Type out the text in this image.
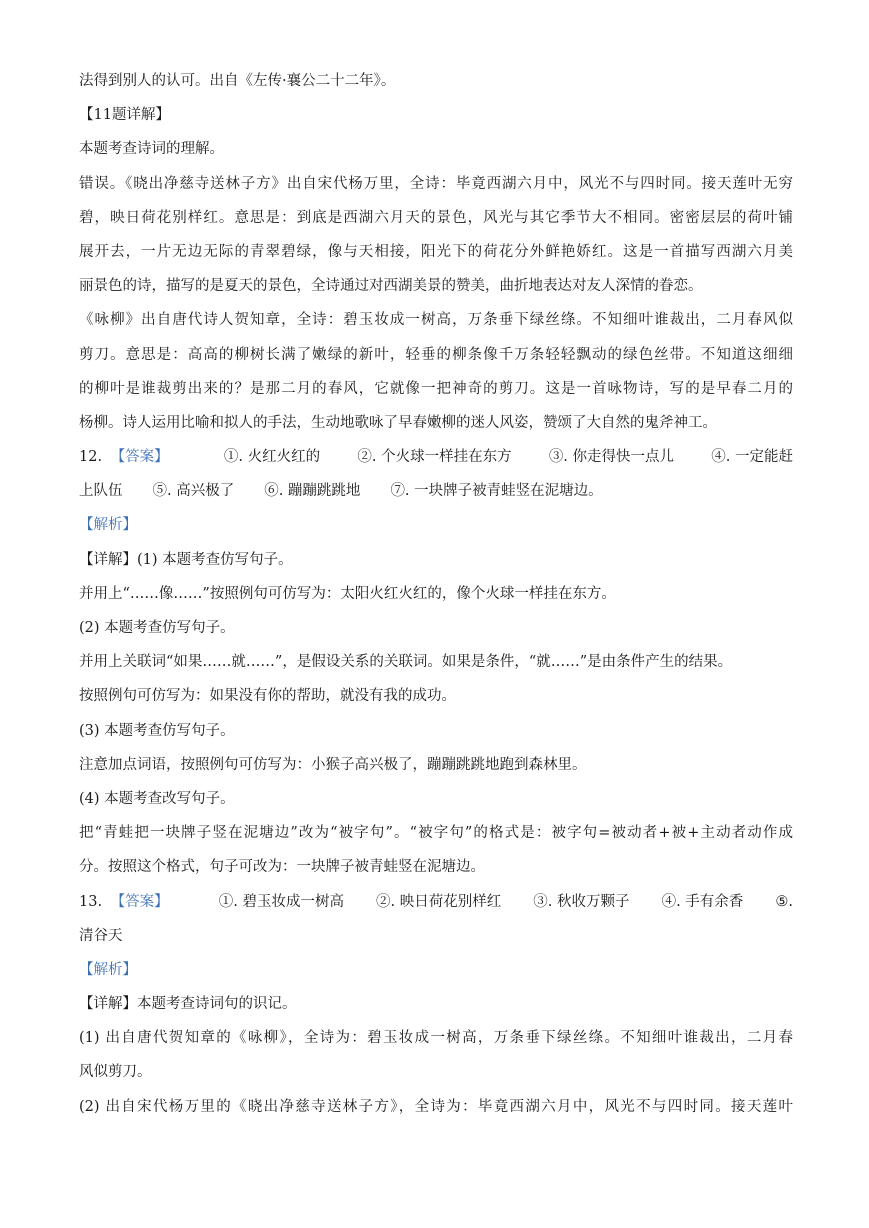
法得到别人的认可。出自《左传·襄公二十二年》。
【11题详解】
本题考查诗词的理解。
错误。《晓出净慈寺送林子方》出自宋代杨万里，全诗：毕竟西湖六月中，风光不与四时同。接天莲叶无穷
碧，映日荷花别样红。意思是：到底是西湖六月天的景色，风光与其它季节大不相同。密密层层的荷叶铺
展开去，一片无边无际的青翠碧绿，像与天相接，阳光下的荷花分外鲜艳娇红。这是一首描写西湖六月美
丽景色的诗，描写的是夏天的景色，全诗通过对西湖美景的赞美，曲折地表达对友人深情的眷恋。
《咏柳》出自唐代诗人贺知章，全诗：碧玉妆成一树高，万条垂下绿丝绦。不知细叶谁裁出，二月春风似
剪刀。意思是：高高的柳树长满了嫩绿的新叶，轻垂的柳条像千万条轻轻飘动的绿色丝带。不知道这细细
的柳叶是谁裁剪出来的？是那二月的春风，它就像一把神奇的剪刀。这是一首咏物诗，写的是早春二月的
杨柳。诗人运用比喻和拟人的手法，生动地歌咏了早春嫩柳的迷人风姿，赞颂了大自然的鬼斧神工。
12. 【答案】	①. 火红火红的	②. 个火球一样挂在东方	③. 你走得快一点儿	④. 一定能赶
上队伍 ⑤. 高兴极了 ⑥. 蹦蹦跳跳地 ⑦. 一块牌子被青蛙竖在泥塘边。
【解析】
【详解】(1) 本题考查仿写句子。
并用上“……像……”按照例句可仿写为：太阳火红火红的，像个火球一样挂在东方。
(2) 本题考查仿写句子。
并用上关联词“如果……就……”，是假设关系的关联词。如果是条件，“就……”是由条件产生的结果。
按照例句可仿写为：如果没有你的帮助，就没有我的成功。
(3) 本题考查仿写句子。
注意加点词语，按照例句可仿写为：小猴子高兴极了，蹦蹦跳跳地跑到森林里。
(4) 本题考查改写句子。
把“青蛙把一块牌子竖在泥塘边”改为“被字句”。“被字句”的格式是：被字句=被动者+被+主动者动作成
分。按照这个格式，句子可改为：一块牌子被青蛙竖在泥塘边。
13. 【答案】	①. 碧玉妆成一树高 ②. 映日荷花别样红 ③. 秋收万颗子 ④. 手有余香 ⑤.
清谷天
【解析】
【详解】本题考查诗词句的识记。
(1) 出自唐代贺知章的《咏柳》，全诗为：碧玉妆成一树高，万条垂下绿丝绦。不知细叶谁裁出，二月春
风似剪刀。
(2) 出自宋代杨万里的《晓出净慈寺送林子方》，全诗为：毕竟西湖六月中，风光不与四时同。接天莲叶
